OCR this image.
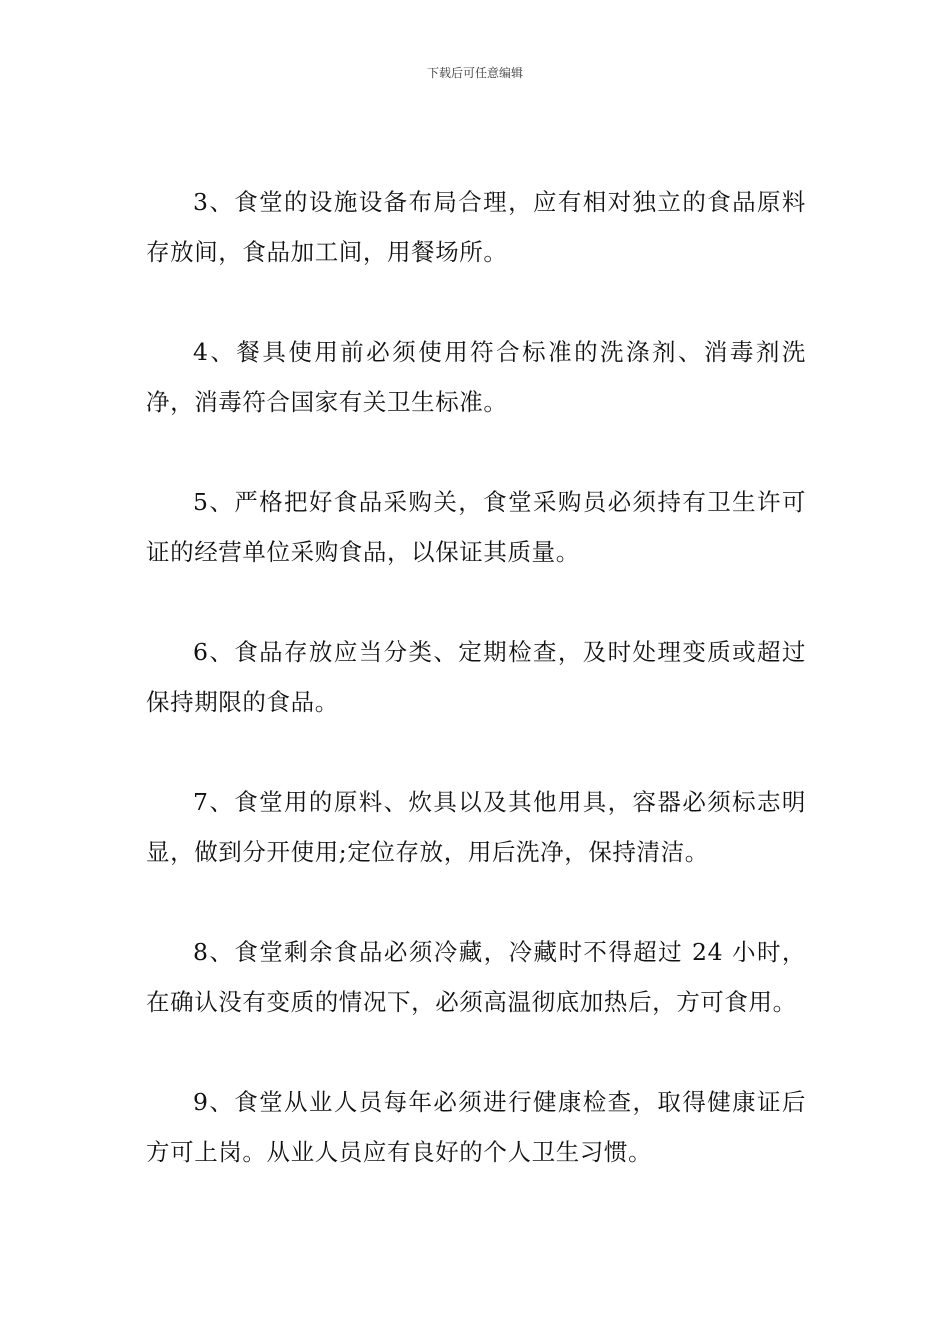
下载后可任意编辑

3、食堂的设施设备布局合理，应有相对独立的食品原料存放间，食品加工间，用餐场所。

4、餐具使用前必须使用符合标准的洗涤剂、消毒剂洗净，消毒符合国家有关卫生标准。

5、严格把好食品采购关，食堂采购员必须持有卫生许可证的经营单位采购食品，以保证其质量。

6、食品存放应当分类、定期检查，及时处理变质或超过保持期限的食品。

7、食堂用的原料、炊具以及其他用具，容器必须标志明显，做到分开使用;定位存放，用后洗净，保持清洁。

8、食堂剩余食品必须冷藏，冷藏时不得超过 24 小时，在确认没有变质的情况下，必须高温彻底加热后，方可食用。

9、食堂从业人员每年必须进行健康检查，取得健康证后方可上岗。从业人员应有良好的个人卫生习惯。
